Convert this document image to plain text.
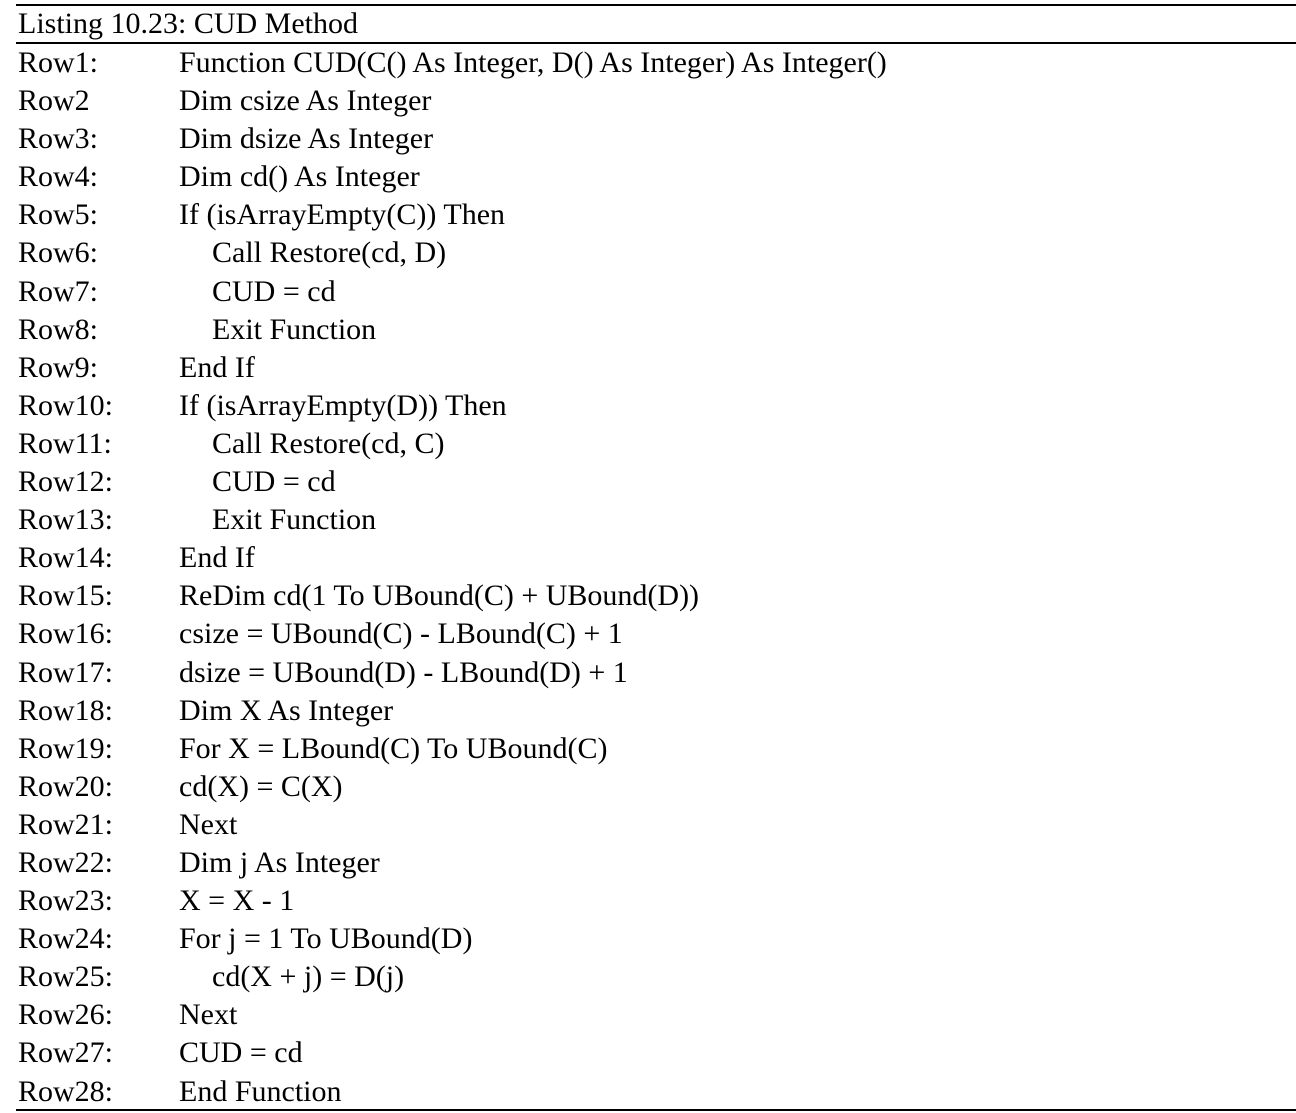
Listing 10.23: CUD Method
Row1:	Function CUD(C() As Integer, D() As Integer) As Integer()
Row2	Dim csize As Integer
Row3:	Dim dsize As Integer
Row4:	Dim cd() As Integer
Row5:	If (isArrayEmpty(C)) Then
Row6:	Call Restore(cd, D)
Row7:	CUD = cd
Row8:	Exit Function
Row9:	End If
Row10: If (isArrayEmpty(D)) Then
Row11:	Call Restore(cd, C)
Row12:	CUD = cd
Row13:	Exit Function
Row14: End If
Row15: ReDim cd(1 To UBound(C) + UBound(D))
Row16: csize = UBound(C) - LBound(C) + 1
Row17: dsize = UBound(D) - LBound(D) + 1
Row18: Dim X As Integer
Row19: For X = LBound(C) To UBound(C)
Row20: cd(X) = C(X)
Row21: Next
Row22: Dim j As Integer
Row23: X = X - 1
Row24: For j = 1 To UBound(D)
Row25:	cd(X + j) = D(j)
Row26: Next
Row27: CUD = cd
Row28: End Function
